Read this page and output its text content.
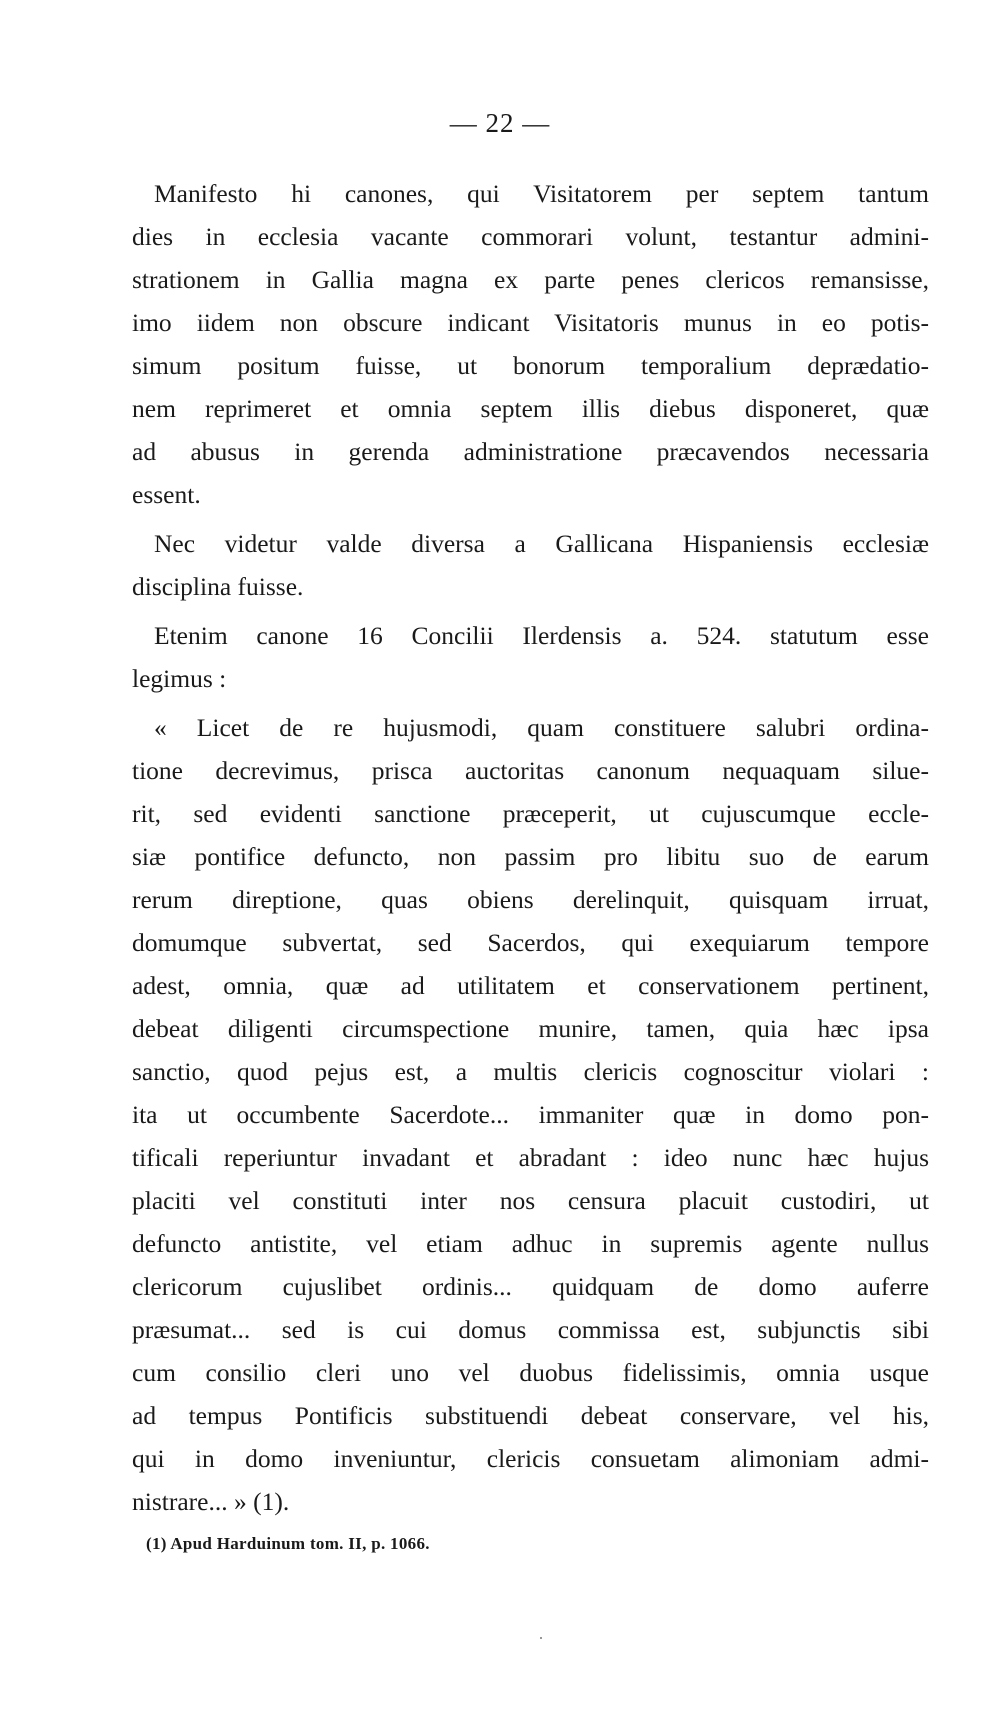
— 22 —
Manifesto hi canones, qui Visitatorem per septem tantum
dies in ecclesia vacante commorari volunt, testantur admini-
strationem in Gallia magna ex parte penes clericos remansisse,
imo iidem non obscure indicant Visitatoris munus in eo potis-
simum positum fuisse, ut bonorum temporalium deprædatio-
nem reprimeret et omnia septem illis diebus disponeret, quæ
ad abusus in gerenda administratione præcavendos necessaria
essent.
Nec videtur valde diversa a Gallicana Hispaniensis ecclesiæ
disciplina fuisse.
Etenim canone 16 Concilii Ilerdensis a. 524. statutum esse
legimus :
« Licet de re hujusmodi, quam constituere salubri ordina-
tione decrevimus, prisca auctoritas canonum nequaquam silue-
rit, sed evidenti sanctione præceperit, ut cujuscumque eccle-
siæ pontifice defuncto, non passim pro libitu suo de earum
rerum direptione, quas obiens derelinquit, quisquam irruat,
domumque subvertat, sed Sacerdos, qui exequiarum tempore
adest, omnia, quæ ad utilitatem et conservationem pertinent,
debeat diligenti circumspectione munire, tamen, quia hæc ipsa
sanctio, quod pejus est, a multis clericis cognoscitur violari :
ita ut occumbente Sacerdote... immaniter quæ in domo pon-
tificali reperiuntur invadant et abradant : ideo nunc hæc hujus
placiti vel constituti inter nos censura placuit custodiri, ut
defuncto antistite, vel etiam adhuc in supremis agente nullus
clericorum cujuslibet ordinis... quidquam de domo auferre
præsumat... sed is cui domus commissa est, subjunctis sibi
cum consilio cleri uno vel duobus fidelissimis, omnia usque
ad tempus Pontificis substituendi debeat conservare, vel his,
qui in domo inveniuntur, clericis consuetam alimoniam admi-
nistrare... » (1).
(1) Apud Harduinum tom. II, p. 1066.
